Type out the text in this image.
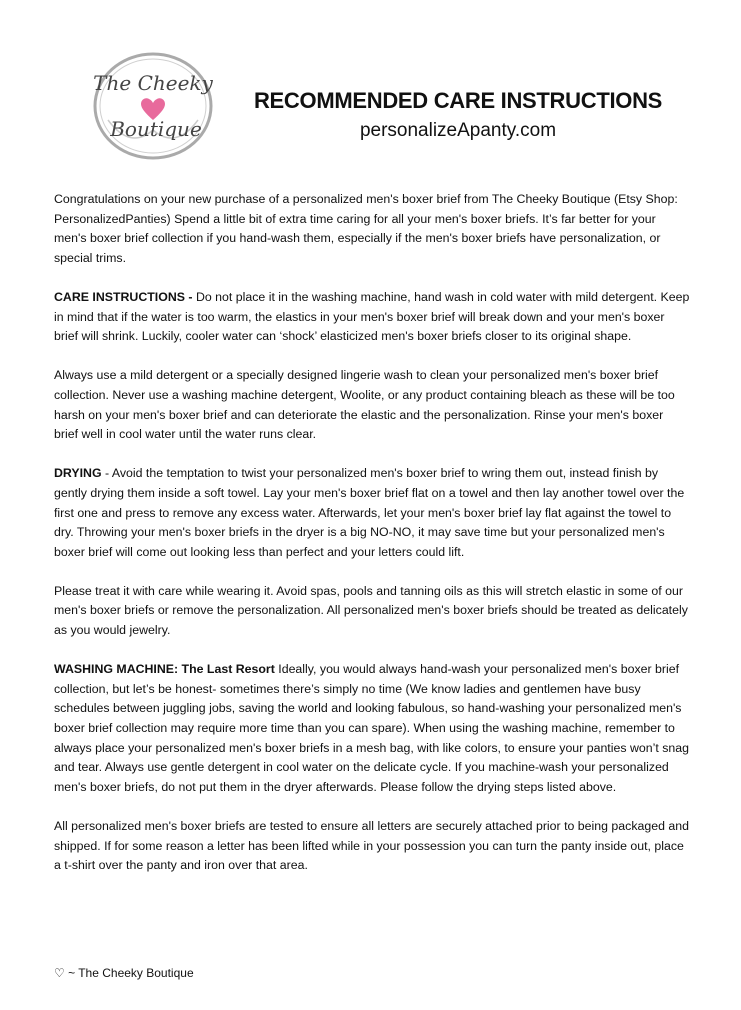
The Cheeky
Boutique
RECOMMENDED CARE INSTRUCTIONS

personalizeApanty.com

Congratulations on your new purchase of a personalized men's boxer brief from The Cheeky Boutique (Etsy Shop: PersonalizedPanties) Spend a little bit of extra time caring for all your men's boxer briefs. It’s far better for your men's boxer brief collection if you hand-wash them, especially if the men's boxer briefs have personalization, or special trims.

CARE INSTRUCTIONS - Do not place it in the washing machine, hand wash in cold water with mild detergent. Keep in mind that if the water is too warm, the elastics in your men's boxer brief will break down and your men's boxer brief will shrink. Luckily, cooler water can ‘shock’ elasticized men's boxer briefs closer to its original shape.

Always use a mild detergent or a specially designed lingerie wash to clean your personalized men's boxer brief collection. Never use a washing machine detergent, Woolite, or any product containing bleach as these will be too harsh on your men's boxer brief and can deteriorate the elastic and the personalization. Rinse your men's boxer brief well in cool water until the water runs clear.

DRYING - Avoid the temptation to twist your personalized men's boxer brief to wring them out, instead finish by gently drying them inside a soft towel. Lay your men's boxer brief flat on a towel and then lay another towel over the first one and press to remove any excess water. Afterwards, let your men's boxer brief lay flat against the towel to dry. Throwing your men's boxer briefs in the dryer is a big NO-NO, it may save time but your personalized men's boxer brief will come out looking less than perfect and your letters could lift.

Please treat it with care while wearing it. Avoid spas, pools and tanning oils as this will stretch elastic in some of our men's boxer briefs or remove the personalization. All personalized men's boxer briefs should be treated as delicately as you would jewelry.

WASHING MACHINE: The Last Resort Ideally, you would always hand-wash your personalized men's boxer brief collection, but let’s be honest- sometimes there’s simply no time (We know ladies and gentlemen have busy schedules between juggling jobs, saving the world and looking fabulous, so hand-washing your personalized men's boxer brief collection may require more time than you can spare). When using the washing machine, remember to always place your personalized men's boxer briefs in a mesh bag, with like colors, to ensure your panties won’t snag and tear. Always use gentle detergent in cool water on the delicate cycle. If you machine-wash your personalized men's boxer briefs, do not put them in the dryer afterwards. Please follow the drying steps listed above.

All personalized men's boxer briefs are tested to ensure all letters are securely attached prior to being packaged and shipped. If for some reason a letter has been lifted while in your possession you can turn the panty inside out, place a t-shirt over the panty and iron over that area.

♡ ~ The Cheeky Boutique
